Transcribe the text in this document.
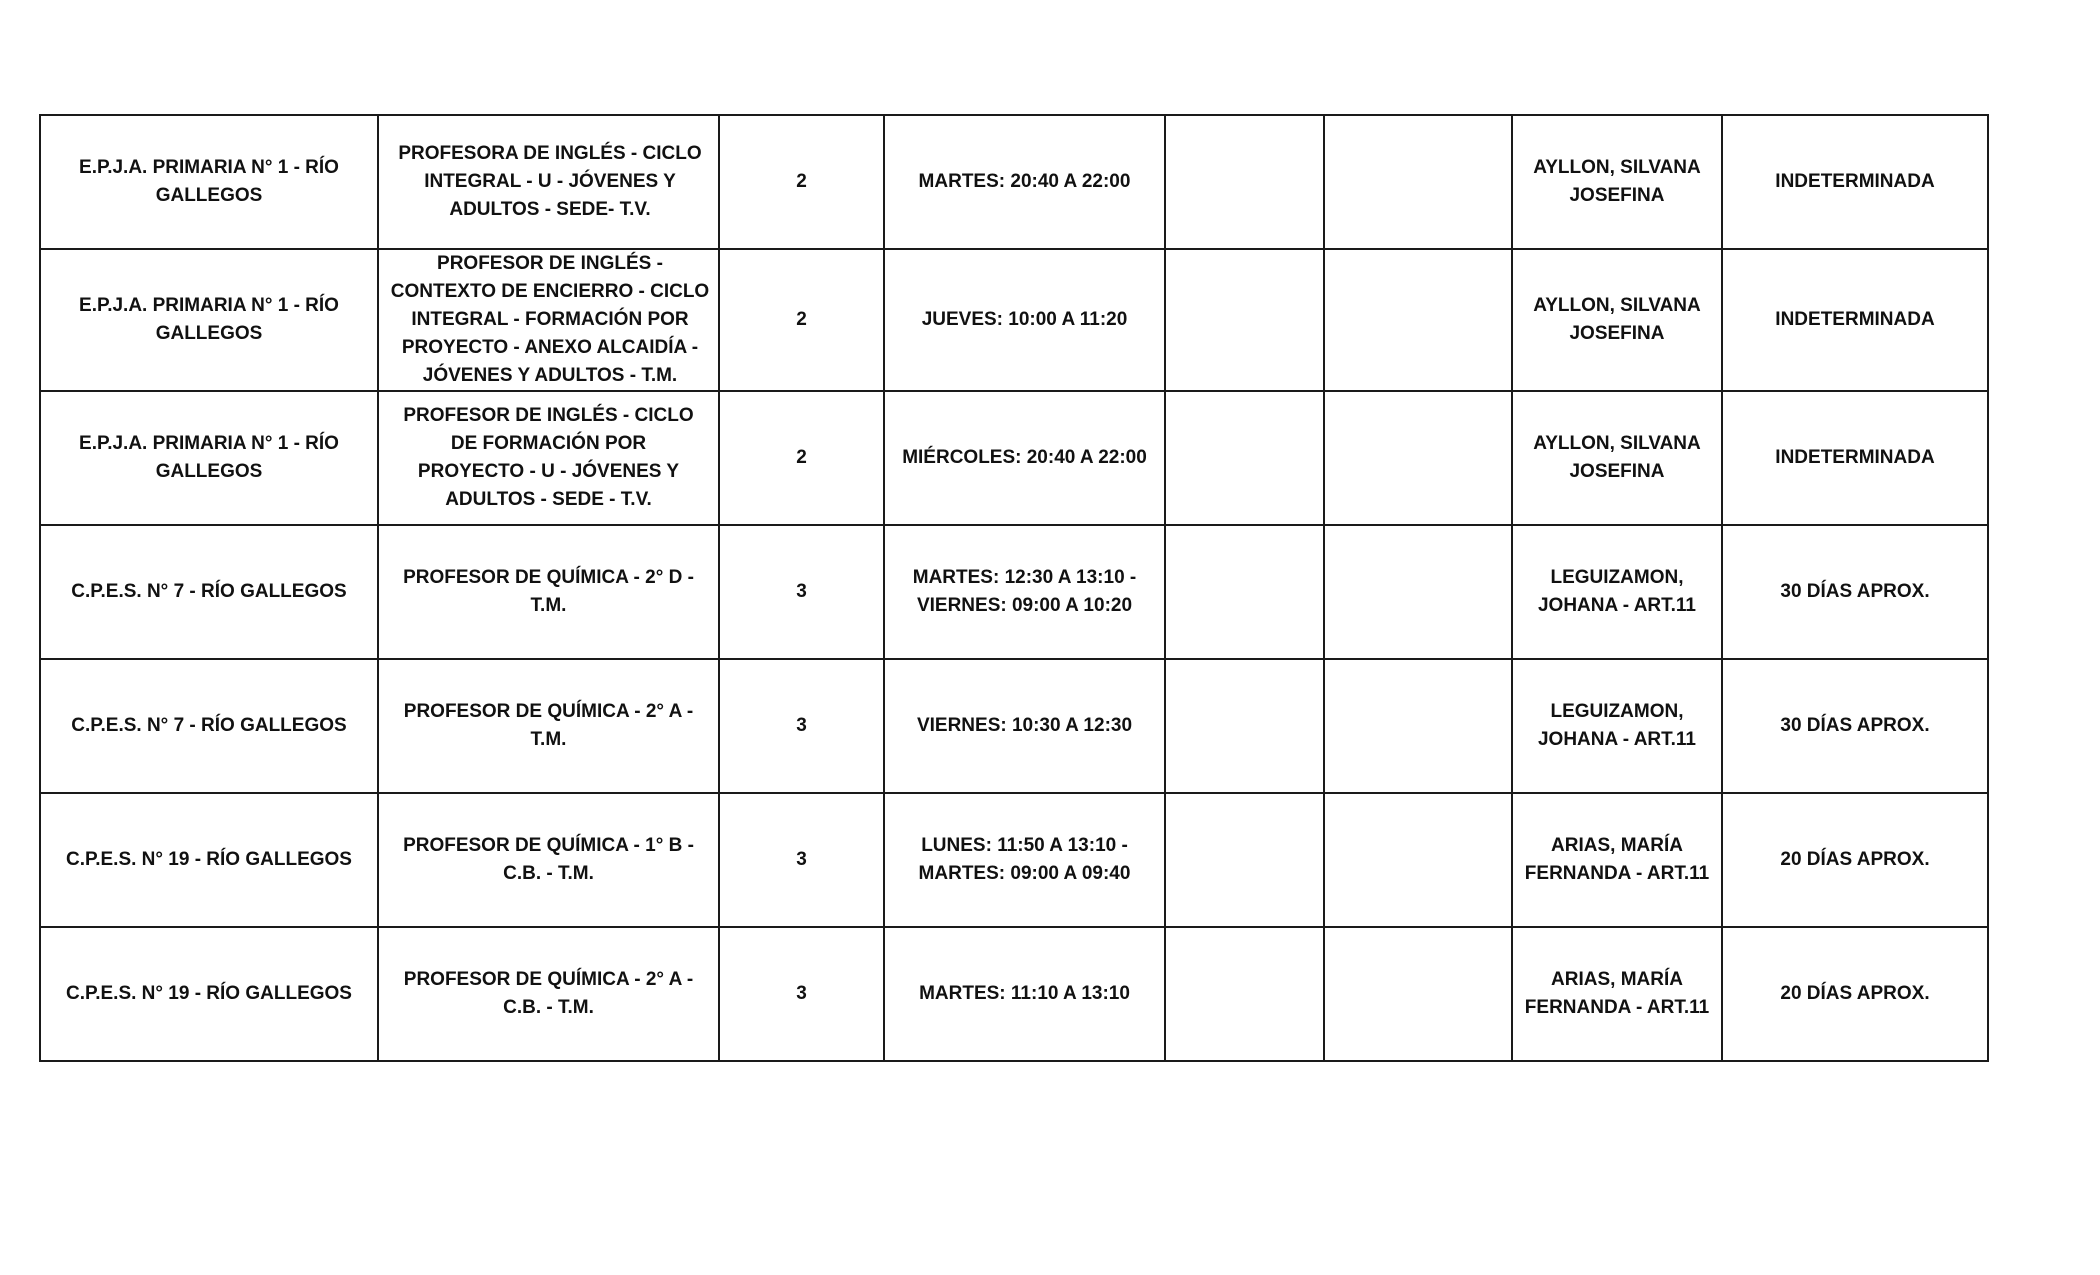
E.P.J.A. PRIMARIA N° 1 - RÍO GALLEGOS	PROFESORA DE INGLÉS - CICLO INTEGRAL - U - JÓVENES Y ADULTOS - SEDE- T.V.	2	MARTES: 20:40 A 22:00			AYLLON, SILVANA JOSEFINA	INDETERMINADA
E.P.J.A. PRIMARIA N° 1 - RÍO GALLEGOS	PROFESOR DE INGLÉS - CONTEXTO DE ENCIERRO - CICLO INTEGRAL - FORMACIÓN POR PROYECTO - ANEXO ALCAIDÍA - JÓVENES Y ADULTOS - T.M.	2	JUEVES: 10:00 A 11:20			AYLLON, SILVANA JOSEFINA	INDETERMINADA
E.P.J.A. PRIMARIA N° 1 - RÍO GALLEGOS	PROFESOR DE INGLÉS - CICLO DE FORMACIÓN POR PROYECTO - U - JÓVENES Y ADULTOS - SEDE - T.V.	2	MIÉRCOLES: 20:40 A 22:00			AYLLON, SILVANA JOSEFINA	INDETERMINADA
C.P.E.S. N° 7 - RÍO GALLEGOS	PROFESOR DE QUÍMICA - 2° D - T.M.	3	MARTES: 12:30 A 13:10 - VIERNES: 09:00 A 10:20			LEGUIZAMON, JOHANA - ART.11	30 DÍAS APROX.
C.P.E.S. N° 7 - RÍO GALLEGOS	PROFESOR DE QUÍMICA - 2° A - T.M.	3	VIERNES: 10:30 A 12:30			LEGUIZAMON, JOHANA - ART.11	30 DÍAS APROX.
C.P.E.S. N° 19 - RÍO GALLEGOS	PROFESOR DE QUÍMICA - 1° B - C.B. - T.M.	3	LUNES: 11:50 A 13:10 - MARTES: 09:00 A 09:40			ARIAS, MARÍA FERNANDA - ART.11	20 DÍAS APROX.
C.P.E.S. N° 19 - RÍO GALLEGOS	PROFESOR DE QUÍMICA - 2° A - C.B. - T.M.	3	MARTES: 11:10 A 13:10			ARIAS, MARÍA FERNANDA - ART.11	20 DÍAS APROX.
